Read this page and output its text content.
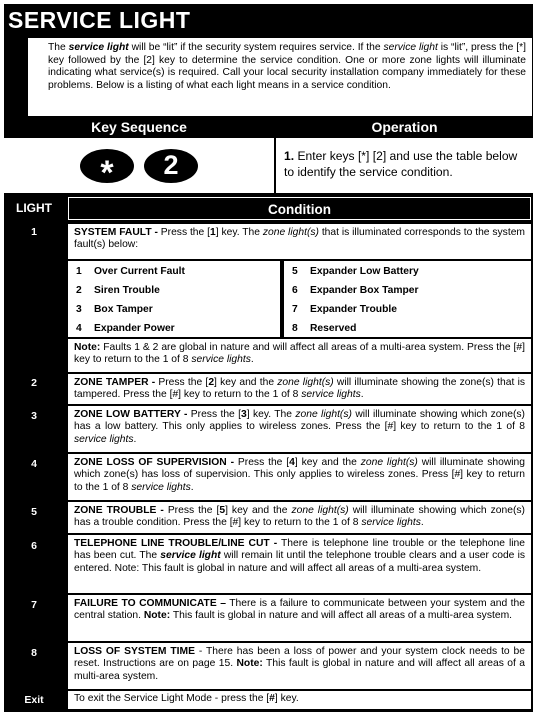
SERVICE LIGHT
The service light will be “lit” if the security system requires service. If the service light is “lit”, press the [*] key followed by the [2] key to determine the service condition. One or more zone lights will illuminate indicating what service(s) is required. Call your local security installation company immediately for these problems. Below is a listing of what each light means in a service condition.
Key Sequence	Operation
*	2	1. Enter keys [*] [2] and use the table below to identify the service condition.
LIGHT	Condition
1	SYSTEM FAULT - Press the [1] key. The zone light(s) that is illuminated corresponds to the system fault(s) below:
1	Over Current Fault
2	Siren Trouble
3	Box Tamper
4	Expander Power
5	Expander Low Battery
6	Expander Box Tamper
7	Expander Trouble
8	Reserved
Note: Faults 1 & 2 are global in nature and will affect all areas of a multi-area system. Press the [#] key to return to the 1 of 8 service lights.
2	ZONE TAMPER - Press the [2] key and the zone light(s) will illuminate showing the zone(s) that is tampered. Press the [#] key to return to the 1 of 8 service lights.
3	ZONE LOW BATTERY - Press the [3] key. The zone light(s) will illuminate showing which zone(s) has a low battery. This only applies to wireless zones. Press the [#] key to return to the 1 of 8 service lights.
4	ZONE LOSS OF SUPERVISION - Press the [4] key and the zone light(s) will illuminate showing which zone(s) has loss of supervision. This only applies to wireless zones. Press [#] key to return to the 1 of 8 service lights.
5	ZONE TROUBLE - Press the [5] key and the zone light(s) will illuminate showing which zone(s) has a trouble condition. Press the [#] key to return to the 1 of 8 service lights.
6	TELEPHONE LINE TROUBLE/LINE CUT - There is telephone line trouble or the telephone line has been cut. The service light will remain lit until the telephone trouble clears and a user code is entered. Note: This fault is global in nature and will affect all areas of a multi-area system.
7	FAILURE TO COMMUNICATE – There is a failure to communicate between your system and the central station. Note: This fault is global in nature and will affect all areas of a multi-area system.
8	LOSS OF SYSTEM TIME - There has been a loss of power and your system clock needs to be reset. Instructions are on page 15. Note: This fault is global in nature and will affect all areas of a multi-area system.
Exit	To exit the Service Light Mode - press the [#] key.
